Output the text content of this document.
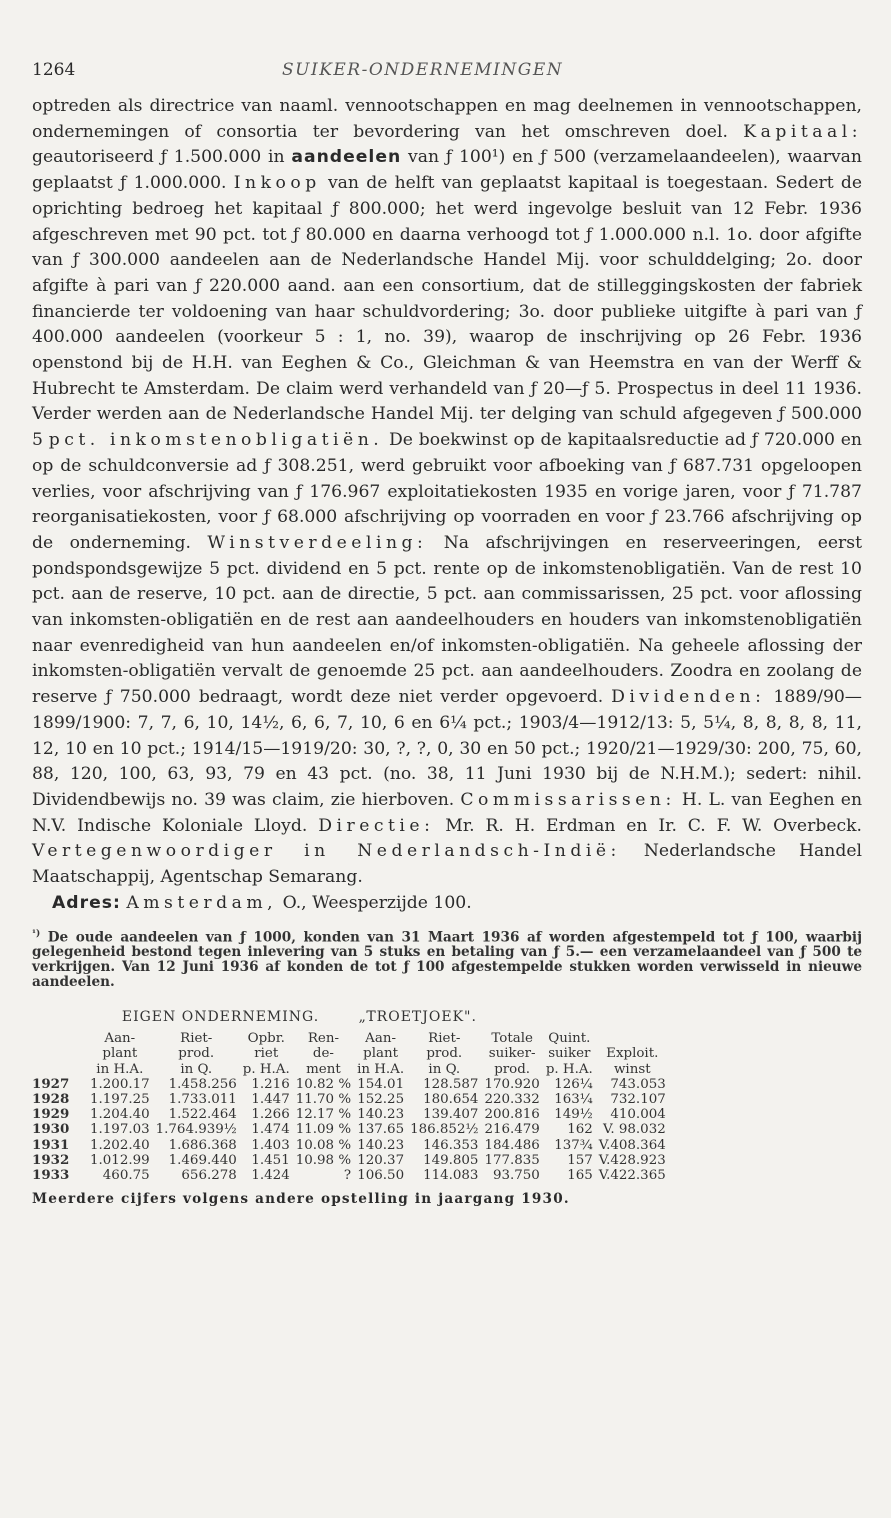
1264	SUIKER-ONDERNEMINGEN

optreden als directrice van naaml. vennootschappen en mag deelnemen in vennootschappen, ondernemingen of consortia ter bevordering van het omschreven doel. Kapitaal: geautoriseerd ƒ 1.500.000 in aandeelen van ƒ 100¹) en ƒ 500 (verzamelaandeelen), waarvan geplaatst ƒ 1.000.000. Inkoop van de helft van geplaatst kapitaal is toegestaan. Sedert de oprichting bedroeg het kapitaal ƒ 800.000; het werd ingevolge besluit van 12 Febr. 1936 afgeschreven met 90 pct. tot ƒ 80.000 en daarna verhoogd tot ƒ 1.000.000 n.l. 1o. door afgifte van ƒ 300.000 aandeelen aan de Nederlandsche Handel Mij. voor schulddelging; 2o. door afgifte à pari van ƒ 220.000 aand. aan een consortium, dat de stilleggingskosten der fabriek financierde ter voldoening van haar schuldvordering; 3o. door publieke uitgifte à pari van ƒ 400.000 aandeelen (voorkeur 5 : 1, no. 39), waarop de inschrijving op 26 Febr. 1936 openstond bij de H.H. van Eeghen & Co., Gleichman & van Heemstra en van der Werff & Hubrecht te Amsterdam. De claim werd verhandeld van ƒ 20—ƒ 5. Prospectus in deel 11 1936. Verder werden aan de Nederlandsche Handel Mij. ter delging van schuld afgegeven ƒ 500.000 5 pct. inkomstenobligatiën. De boekwinst op de kapitaalsreductie ad ƒ 720.000 en op de schuldconversie ad ƒ 308.251, werd gebruikt voor afboeking van ƒ 687.731 opgeloopen verlies, voor afschrijving van ƒ 176.967 exploitatiekosten 1935 en vorige jaren, voor ƒ 71.787 reorganisatiekosten, voor ƒ 68.000 afschrijving op voorraden en voor ƒ 23.766 afschrijving op de onderneming. Winstverdeeling: Na afschrijvingen en reserveeringen, eerst pondspondsgewijze 5 pct. dividend en 5 pct. rente op de inkomstenobligatiën. Van de rest 10 pct. aan de reserve, 10 pct. aan de directie, 5 pct. aan commissarissen, 25 pct. voor aflossing van inkomsten-obligatiën en de rest aan aandeelhouders en houders van inkomstenobligatiën naar evenredigheid van hun aandeelen en/of inkomsten-obligatiën. Na geheele aflossing der inkomsten-obligatiën vervalt de genoemde 25 pct. aan aandeelhouders. Zoodra en zoolang de reserve ƒ 750.000 bedraagt, wordt deze niet verder opgevoerd. Dividenden: 1889/90—1899/1900: 7, 7, 6, 10, 14½, 6, 6, 7, 10, 6 en 6¼ pct.; 1903/4—1912/13: 5, 5¼, 8, 8, 8, 8, 11, 12, 10 en 10 pct.; 1914/15—1919/20: 30, ?, ?, 0, 30 en 50 pct.; 1920/21—1929/30: 200, 75, 60, 88, 120, 100, 63, 93, 79 en 43 pct. (no. 38, 11 Juni 1930 bij de N.H.M.); sedert: nihil. Dividendbewijs no. 39 was claim, zie hierboven. Commissarissen: H. L. van Eeghen en N.V. Indische Koloniale Lloyd. Directie: Mr. R. H. Erdman en Ir. C. F. W. Overbeck. Vertegenwoordiger in Nederlandsch-Indië: Nederlandsche Handel Maatschappij, Agentschap Semarang.

Adres: Amsterdam, O., Weesperzijde 100.

$^{^1)}$ De oude aandeelen van ƒ 1000, konden van 31 Maart 1936 af worden afgestempeld tot ƒ 100, waarbij gelegenheid bestond tegen inlevering van 5 stuks en betaling van ƒ 5.— een verzamelaandeel van ƒ 500 te verkrijgen. Van 12 Juni 1936 af konden de tot ƒ 100 afgestempelde stukken worden verwisseld in nieuwe aandeelen.
	EIGEN ONDERNEMING.				„TROETJOEK".				
	Aan-	Riet-	Opbr.	Ren-	Aan-	Riet-	Totale	Quint.	
	plant	prod.	riet	de-	plant	prod.	suiker-	suiker	Exploit.
	in H.A.	in Q.	p. H.A.	ment	in H.A.	in Q.	prod.	p. H.A.	winst
1927	1.200.17	1.458.256	1.216	10.82 %	154.01	128.587	170.920	126¼	743.053
1928	1.197.25	1.733.011	1.447	11.70 %	152.25	180.654	220.332	163¼	732.107
1929	1.204.40	1.522.464	1.266	12.17 %	140.23	139.407	200.816	149½	410.004
1930	1.197.03	1.764.939½	1.474	11.09 %	137.65	186.852½	216.479	162	V. 98.032
1931	1.202.40	1.686.368	1.403	10.08 %	140.23	146.353	184.486	137¾	V.408.364
1932	1.012.99	1.469.440	1.451	10.98 %	120.37	149.805	177.835	157	V.428.923
1933	460.75	656.278	1.424	?	106.50	114.083	93.750	165	V.422.365
Meerdere cijfers volgens andere opstelling in jaargang 1930.
